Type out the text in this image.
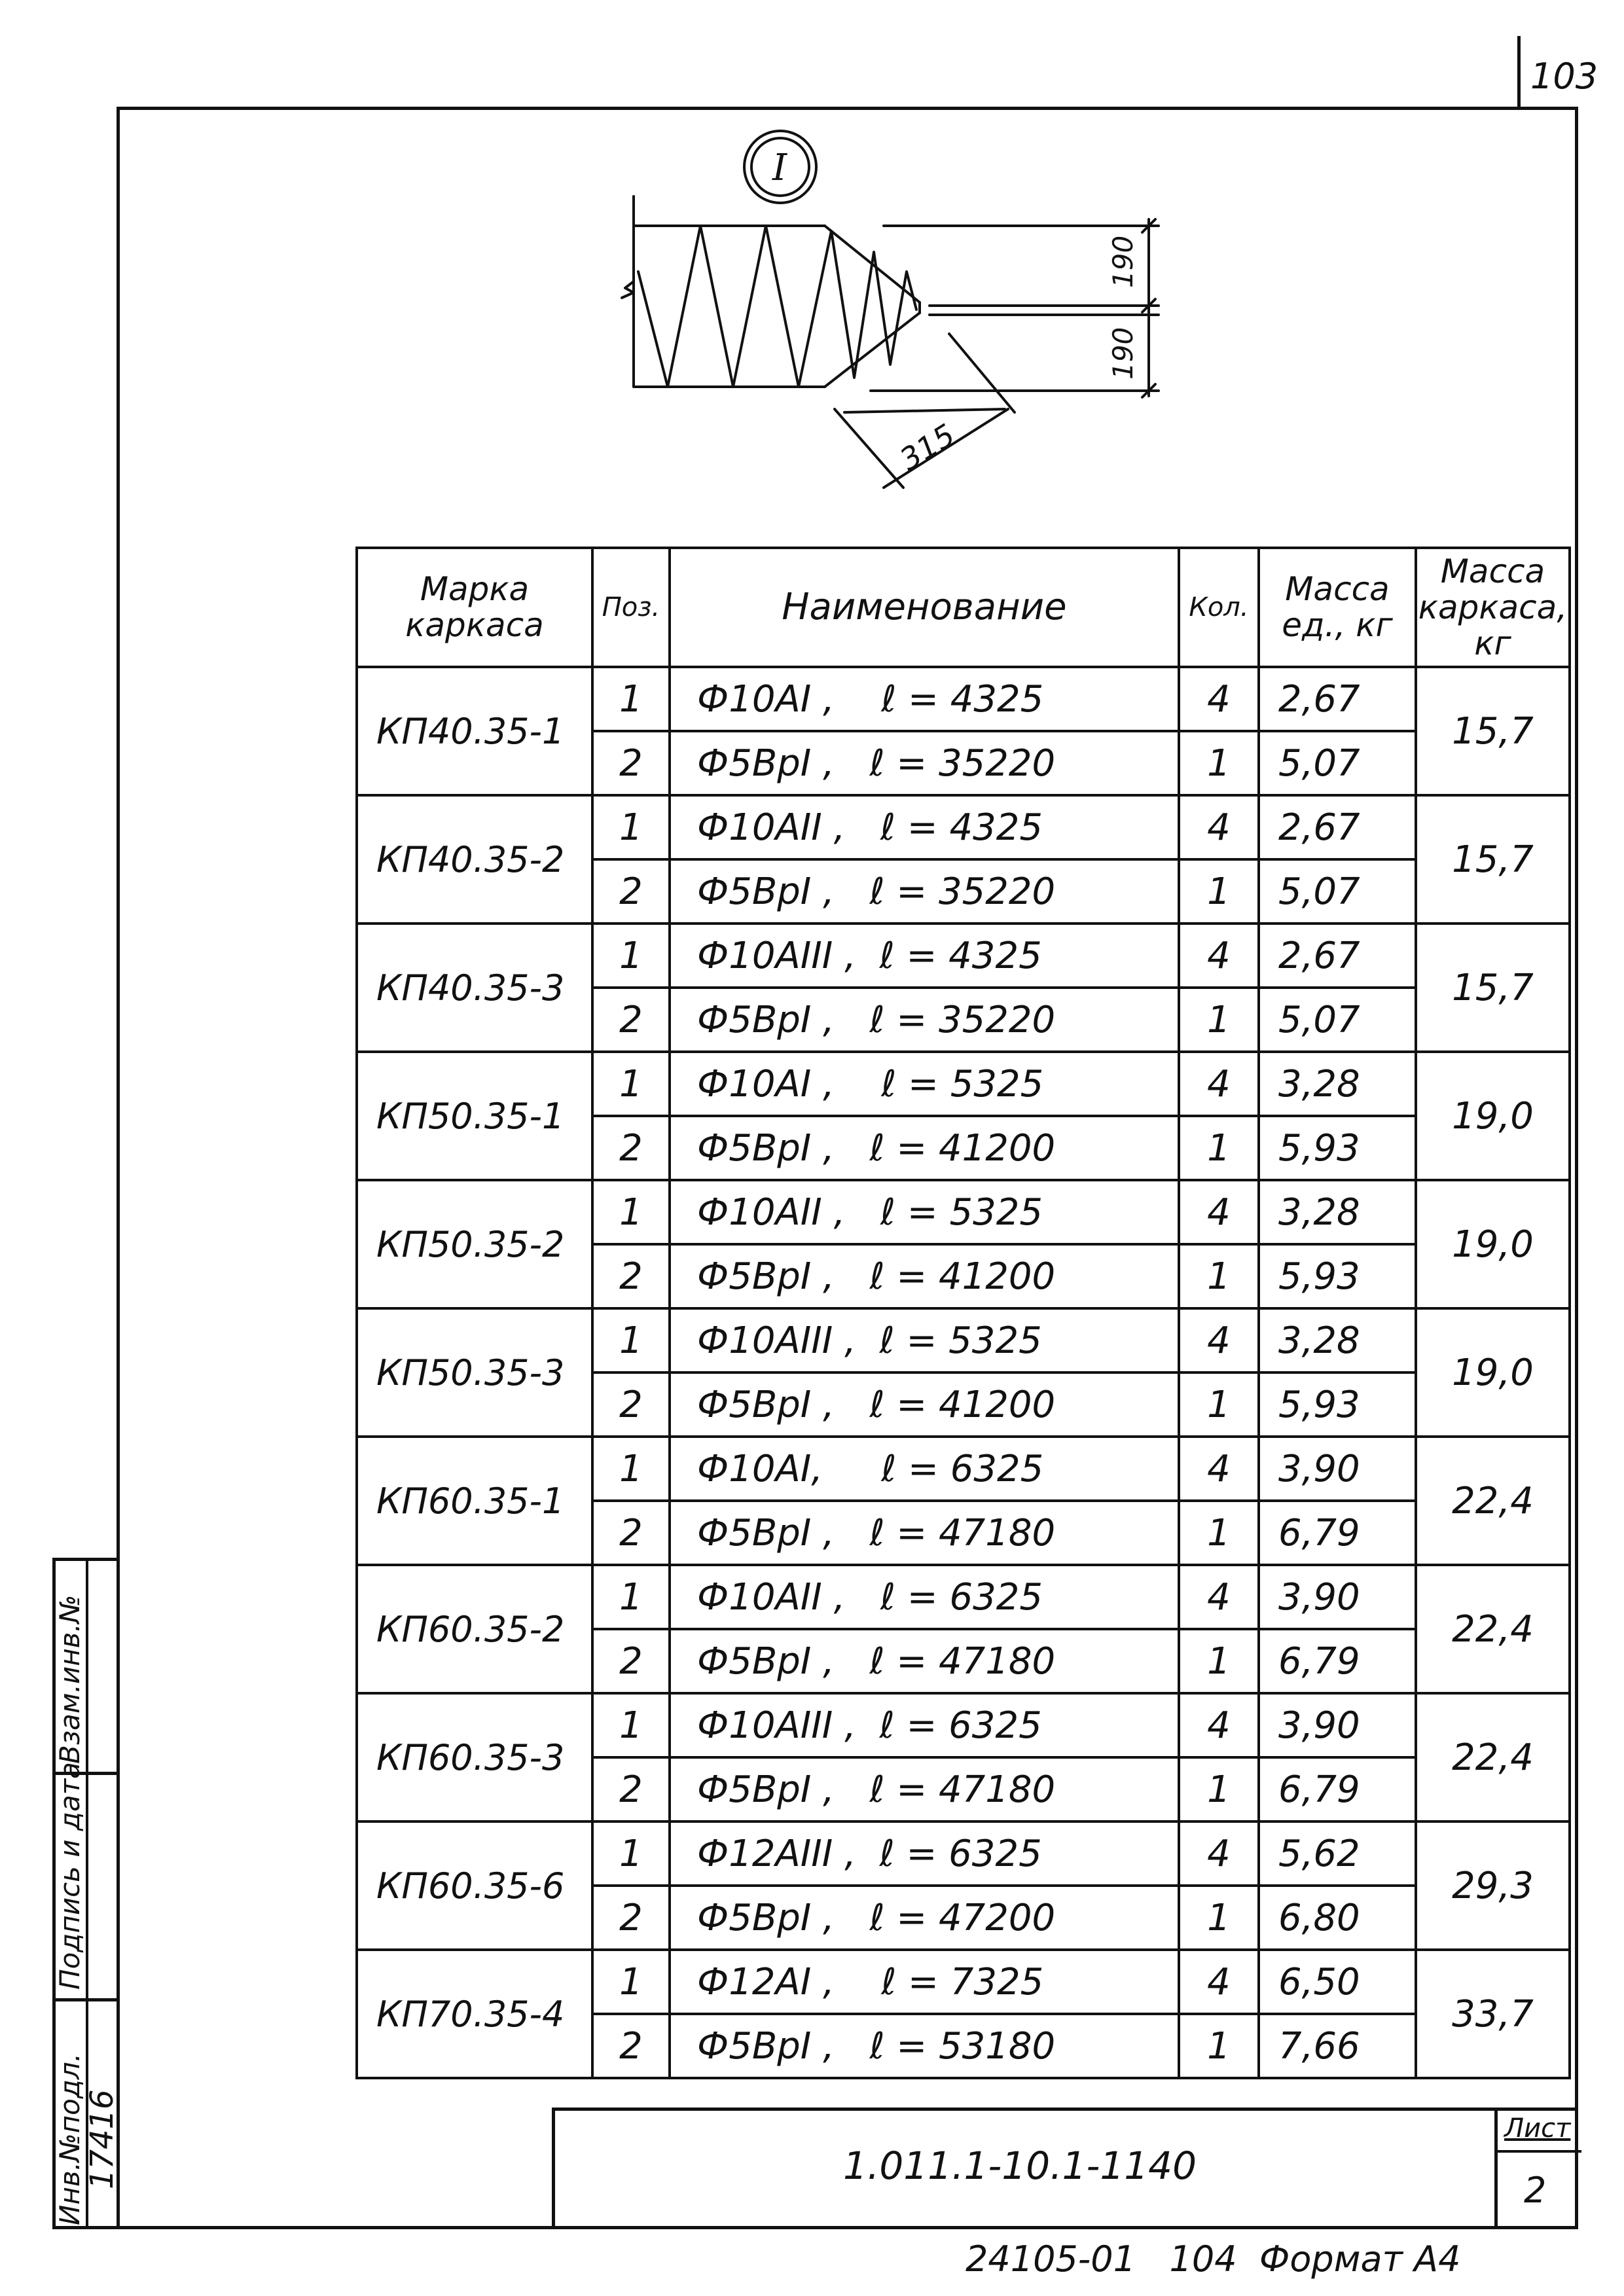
103
I
190
190
315
Марка каркаса	Поз.	Наименование	Кол.	Масса ед., кг	Масса каркаса, кг
КП40.35-1	1	Ф10АI ,    ℓ = 4325	4	2,67	15,7
	2	Ф5ВрI ,   ℓ = 35220	1	5,07	
КП40.35-2	1	Ф10АII ,   ℓ = 4325	4	2,67	15,7
	2	Ф5ВрI ,   ℓ = 35220	1	5,07	
КП40.35-3	1	Ф10АIII ,  ℓ = 4325	4	2,67	15,7
	2	Ф5ВрI ,   ℓ = 35220	1	5,07	
КП50.35-1	1	Ф10АI ,    ℓ = 5325	4	3,28	19,0
	2	Ф5ВрI ,   ℓ = 41200	1	5,93	
КП50.35-2	1	Ф10АII ,   ℓ = 5325	4	3,28	19,0
	2	Ф5ВрI ,   ℓ = 41200	1	5,93	
КП50.35-3	1	Ф10АIII ,  ℓ = 5325	4	3,28	19,0
	2	Ф5ВрI ,   ℓ = 41200	1	5,93	
КП60.35-1	1	Ф10АI,     ℓ = 6325	4	3,90	22,4
	2	Ф5ВрI ,   ℓ = 47180	1	6,79	
КП60.35-2	1	Ф10АII ,   ℓ = 6325	4	3,90	22,4
	2	Ф5ВрI ,   ℓ = 47180	1	6,79	
КП60.35-3	1	Ф10АIII ,  ℓ = 6325	4	3,90	22,4
	2	Ф5ВрI ,   ℓ = 47180	1	6,79	
КП60.35-6	1	Ф12АIII ,  ℓ = 6325	4	5,62	29,3
	2	Ф5ВрI ,   ℓ = 47200	1	6,80	
КП70.35-4	1	Ф12АI ,    ℓ = 7325	4	6,50	33,7
	2	Ф5ВрI ,   ℓ = 53180	1	7,66	
Инв.№подл.
17416
Подпись и дата
Взам.инв.№
1.011.1-10.1-1140
Лист
2
24105-01 104 Формат А4
